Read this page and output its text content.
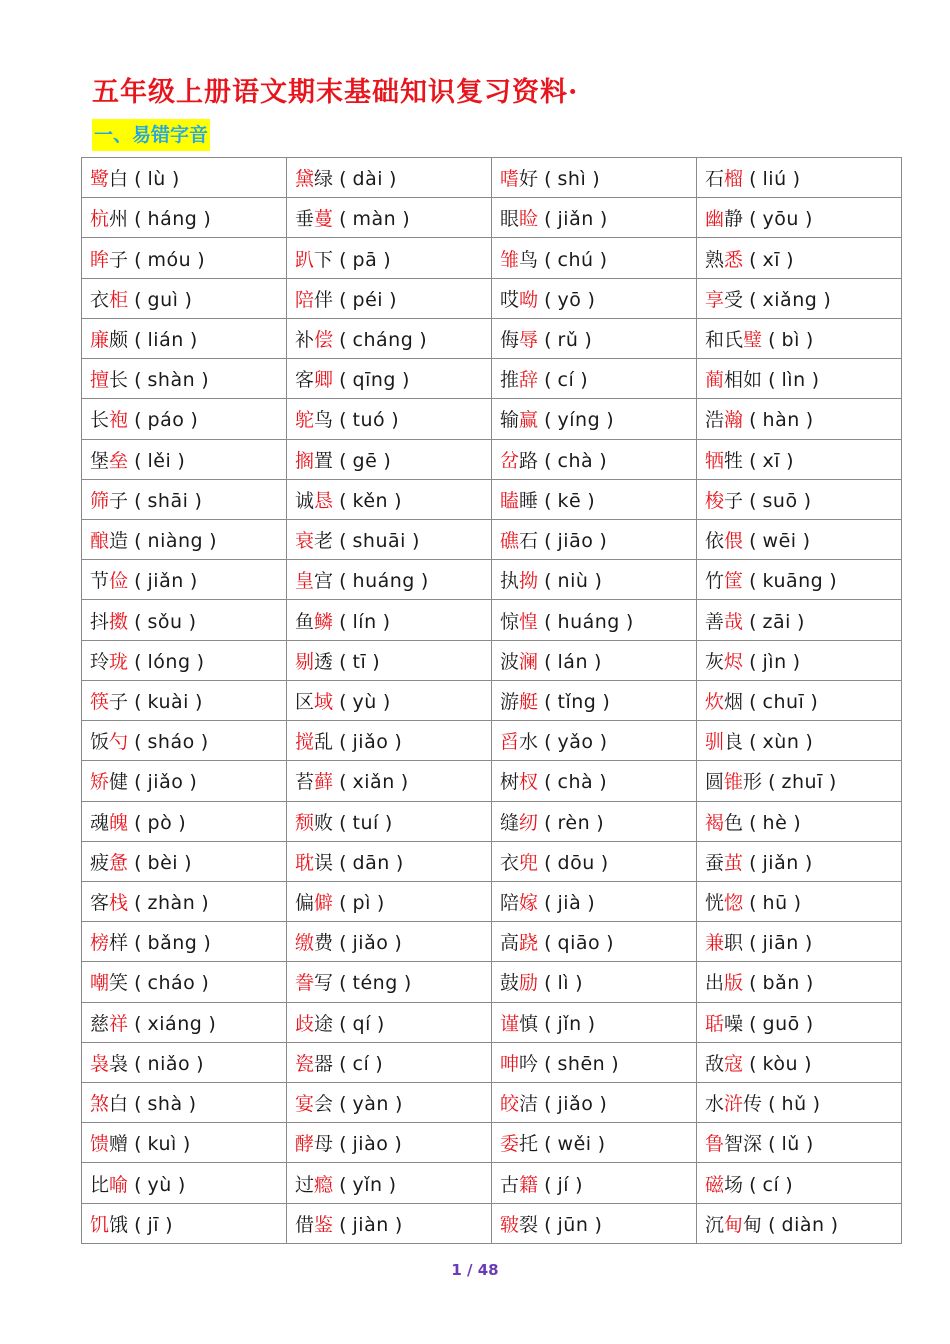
五年级上册语文期末基础知识复习资料·
一、易错字音
鹭白 ( lù )	黛绿 ( dài )	嗜好 ( shì )	石榴 ( liú )
杭州 ( háng )	垂蔓 ( màn )	眼睑 ( jiǎn )	幽静 ( yōu )
眸子 ( móu )	趴下 ( pā )	雏鸟 ( chú )	熟悉 ( xī )
衣柜 ( guì )	陪伴 ( péi )	哎呦 ( yō )	享受 ( xiǎng )
廉颇 ( lián )	补偿 ( cháng )	侮辱 ( rǔ )	和氏璧 ( bì )
擅长 ( shàn )	客卿 ( qīng )	推辞 ( cí )	蔺相如 ( lìn )
长袍 ( páo )	鸵鸟 ( tuó )	输赢 ( yíng )	浩瀚 ( hàn )
堡垒 ( lěi )	搁置 ( gē )	岔路 ( chà )	牺牲 ( xī )
筛子 ( shāi )	诚恳 ( kěn )	瞌睡 ( kē )	梭子 ( suō )
酿造 ( niàng )	衰老 ( shuāi )	礁石 ( jiāo )	依偎 ( wēi )
节俭 ( jiǎn )	皇宫 ( huáng )	执拗 ( niù )	竹筐 ( kuāng )
抖擞 ( sǒu )	鱼鳞 ( lín )	惊惶 ( huáng )	善哉 ( zāi )
玲珑 ( lóng )	剔透 ( tī )	波澜 ( lán )	灰烬 ( jìn )
筷子 ( kuài )	区域 ( yù )	游艇 ( tǐng )	炊烟 ( chuī )
饭勺 ( sháo )	搅乱 ( jiǎo )	舀水 ( yǎo )	驯良 ( xùn )
矫健 ( jiǎo )	苔藓 ( xiǎn )	树杈 ( chà )	圆锥形 ( zhuī )
魂魄 ( pò )	颓败 ( tuí )	缝纫 ( rèn )	褐色 ( hè )
疲惫 ( bèi )	耽误 ( dān )	衣兜 ( dōu )	蚕茧 ( jiǎn )
客栈 ( zhàn )	偏僻 ( pì )	陪嫁 ( jià )	恍惚 ( hū )
榜样 ( bǎng )	缴费 ( jiǎo )	高跷 ( qiāo )	兼职 ( jiān )
嘲笑 ( cháo )	誊写 ( téng )	鼓励 ( lì )	出版 ( bǎn )
慈祥 ( xiáng )	歧途 ( qí )	谨慎 ( jǐn )	聒噪 ( guō )
袅袅 ( niǎo )	瓷器 ( cí )	呻吟 ( shēn )	敌寇 ( kòu )
煞白 ( shà )	宴会 ( yàn )	皎洁 ( jiǎo )	水浒传 ( hǔ )
馈赠 ( kuì )	酵母 ( jiào )	委托 ( wěi )	鲁智深 ( lǔ )
比喻 ( yù )	过瘾 ( yǐn )	古籍 ( jí )	磁场 ( cí )
饥饿 ( jī )	借鉴 ( jiàn )	皲裂 ( jūn )	沉甸甸 ( diàn )
1 / 48
